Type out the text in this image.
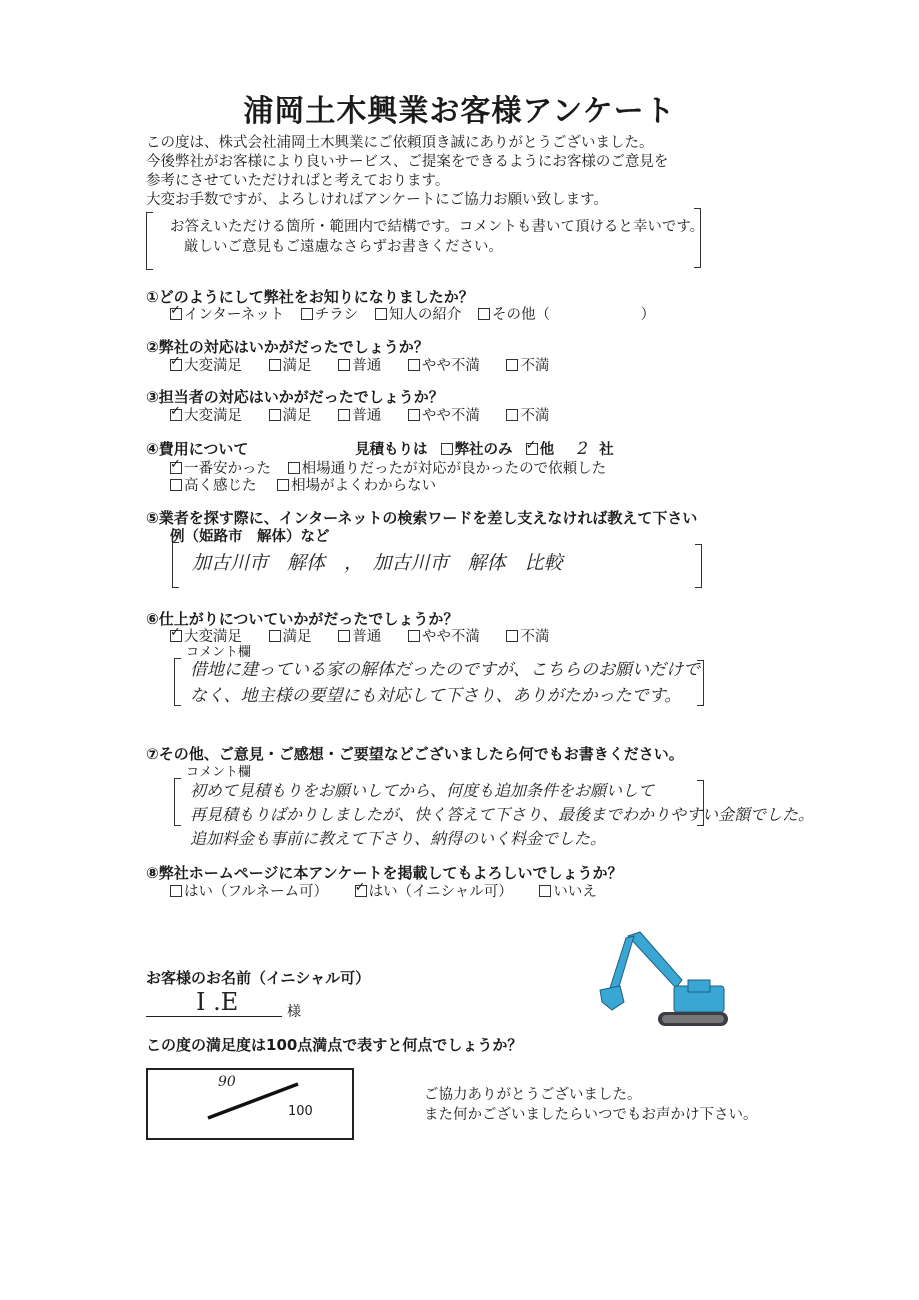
浦岡土木興業お客様アンケート
この度は、株式会社浦岡土木興業にご依頼頂き誠にありがとうございました。
今後弊社がお客様により良いサービス、ご提案をできるようにお客様のご意見を
参考にさせていただければと考えております。
大変お手数ですが、よろしければアンケートにご協力お願い致します。
お答えいただける箇所・範囲内で結構です。コメントも書いて頂けると幸いです。
厳しいご意見もご遠慮なさらずお書きください。
①どのようにして弊社をお知りになりましたか？
✓インターネット チラシ 知人の紹介 その他（	）
②弊社の対応はいかがだったでしょうか？
✓大変満足	満足	普通	やや不満	不満
③担当者の対応はいかがだったでしょうか？
✓大変満足	満足	普通	やや不満	不満
④費用について	見積もりは 弊社のみ ✓ 他 2 社
✓一番安かった 相場通りだったが対応が良かったので依頼した
高く感じた 相場がよくわからない
⑤業者を探す際に、インターネットの検索ワードを差し支えなければ教えて下さい
例（姫路市　解体）など
加古川市　解体　，　加古川市　解体　比較
⑥仕上がりについていかがだったでしょうか？
✓大変満足	満足	普通	やや不満	不満
コメント欄
借地に建っている家の解体だったのですが、こちらのお願いだけで
なく、地主様の要望にも対応して下さり、ありがたかったです。
⑦その他、ご意見・ご感想・ご要望などございましたら何でもお書きください。
コメント欄
初めて見積もりをお願いしてから、何度も追加条件をお願いして
再見積もりばかりしましたが、快く答えて下さり、最後までわかりやすい金額でした。
追加料金も事前に教えて下さり、納得のいく料金でした。
⑧弊社ホームページに本アンケートを掲載してもよろしいでしょうか？
はい（フルネーム可） ✓	はい（イニシャル可）	いいえ
お客様のお名前（イニシャル可）
I .E	様
この度の満足度は100点満点で表すと何点でしょうか？
90
100
ご協力ありがとうございました。
また何かございましたらいつでもお声かけ下さい。
